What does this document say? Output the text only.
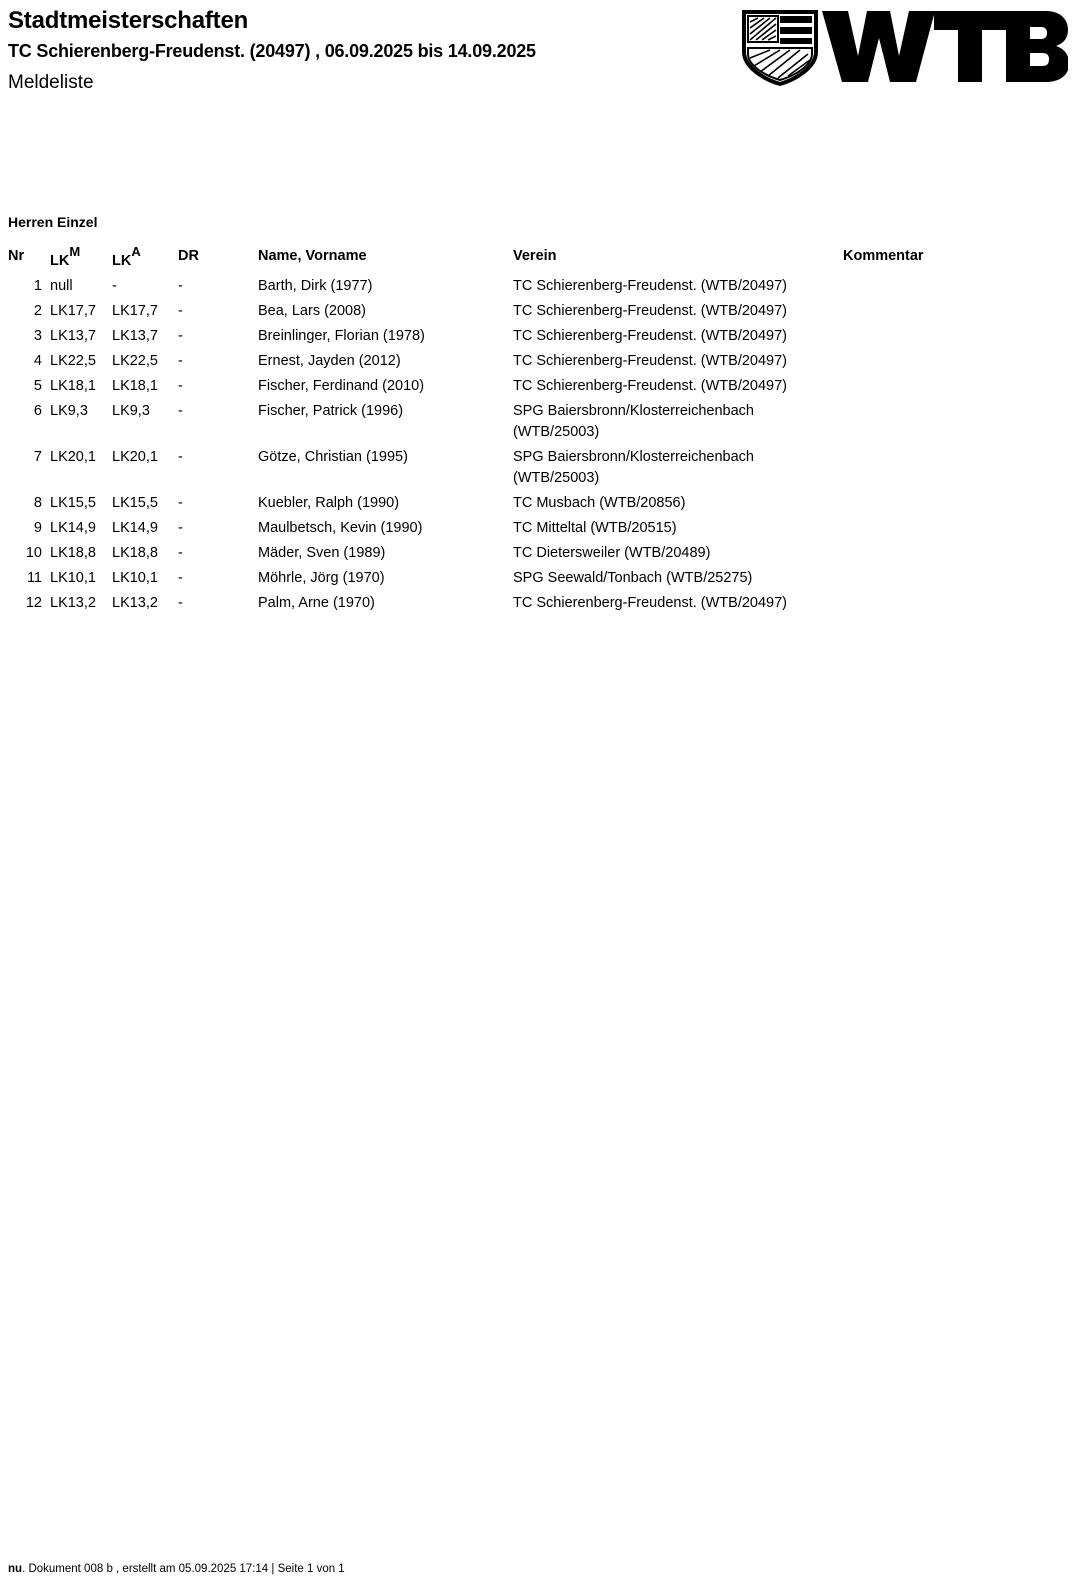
Stadtmeisterschaften
TC Schierenberg-Freudenst. (20497) , 06.09.2025 bis 14.09.2025
Meldeliste
Herren Einzel
Nr	$LK^M$	$LK^A$	DR	Name, Vorname	Verein	Kommentar
1	null	-	-	Barth, Dirk (1977)	TC Schierenberg-Freudenst. (WTB/20497)	
2	LK17,7	LK17,7	-	Bea, Lars (2008)	TC Schierenberg-Freudenst. (WTB/20497)	
3	LK13,7	LK13,7	-	Breinlinger, Florian (1978)	TC Schierenberg-Freudenst. (WTB/20497)	
4	LK22,5	LK22,5	-	Ernest, Jayden (2012)	TC Schierenberg-Freudenst. (WTB/20497)	
5	LK18,1	LK18,1	-	Fischer, Ferdinand (2010)	TC Schierenberg-Freudenst. (WTB/20497)	
6	LK9,3	LK9,3	-	Fischer, Patrick (1996)	SPG Baiersbronn/Klosterreichenbach
(WTB/25003)	

7	LK20,1	LK20,1	-	Götze, Christian (1995)	SPG Baiersbronn/Klosterreichenbach
(WTB/25003)	

8	LK15,5	LK15,5	-	Kuebler, Ralph (1990)	TC Musbach (WTB/20856)	
9	LK14,9	LK14,9	-	Maulbetsch, Kevin (1990)	TC Mitteltal (WTB/20515)	
10	LK18,8	LK18,8	-	Mäder, Sven (1989)	TC Dietersweiler (WTB/20489)	
11	LK10,1	LK10,1	-	Möhrle, Jörg (1970)	SPG Seewald/Tonbach (WTB/25275)	
12	LK13,2	LK13,2	-	Palm, Arne (1970)	TC Schierenberg-Freudenst. (WTB/20497)	
nu. Dokument 008 b , erstellt am 05.09.2025 17:14 | Seite 1 von 1
